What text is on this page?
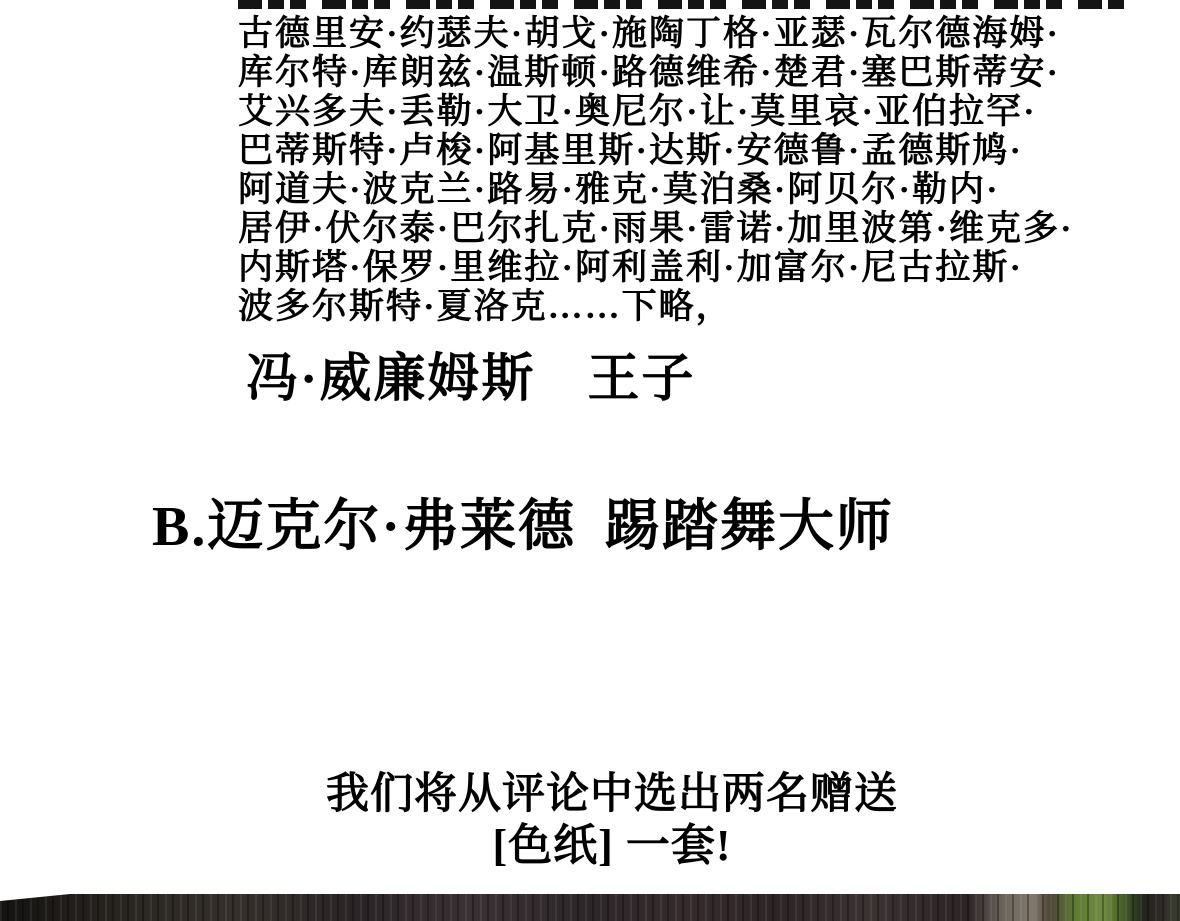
古德里安·约瑟夫·胡戈·施陶丁格·亚瑟·瓦尔德海姆·
库尔特·库朗兹·温斯顿·路德维希·楚君·塞巴斯蒂安·
艾兴多夫·丢勒·大卫·奥尼尔·让·莫里哀·亚伯拉罕·
巴蒂斯特·卢梭·阿基里斯·达斯·安德鲁·孟德斯鸠·
阿道夫·波克兰·路易·雅克·莫泊桑·阿贝尔·勒内·
居伊·伏尔泰·巴尔扎克·雨果·雷诺·加里波第·维克多·
内斯塔·保罗·里维拉·阿利盖利·加富尔·尼古拉斯·
波多尔斯特·夏洛克……下略，
冯·威廉姆斯 王子
B.迈克尔·弗莱德 踢踏舞大师
我们将从评论中选出两名赠送
[色纸] 一套!
